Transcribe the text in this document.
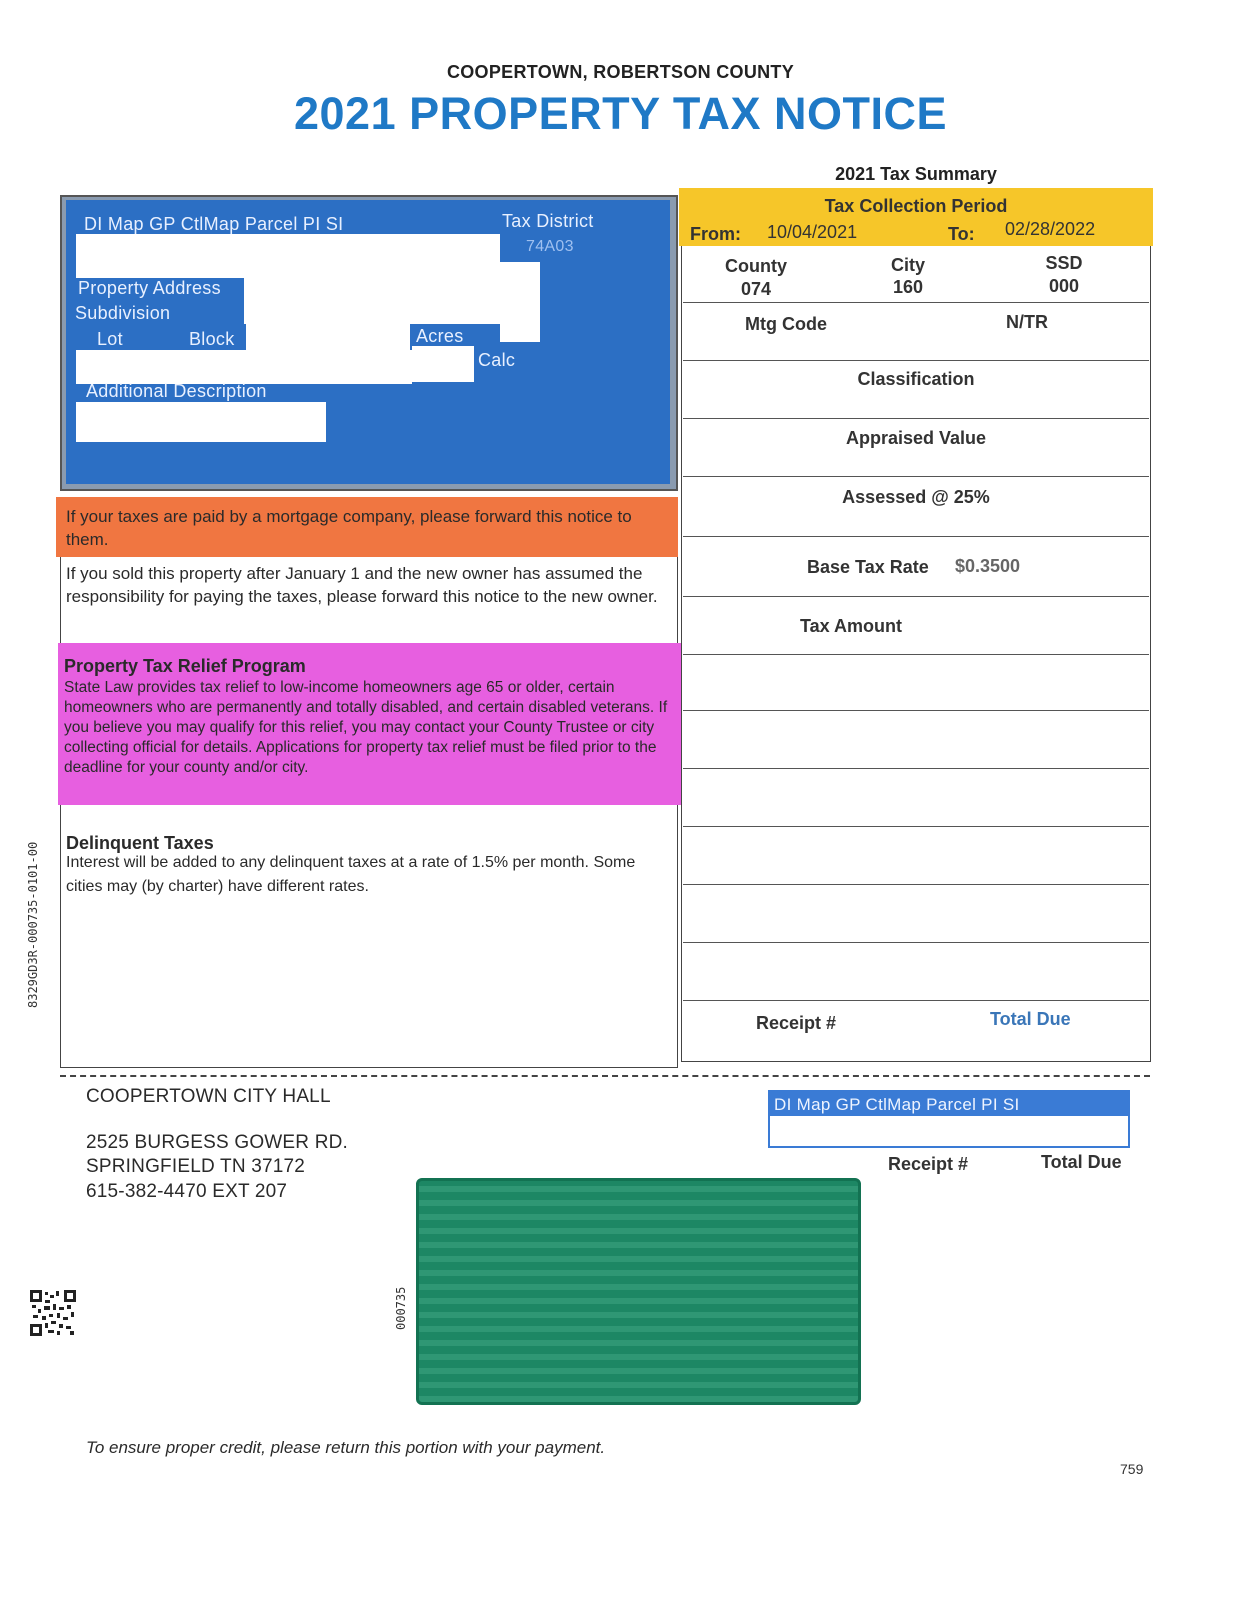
COOPERTOWN, ROBERTSON COUNTY
2021 PROPERTY TAX NOTICE
DI Map GP CtlMap Parcel PI SI	Tax District
74A03
Property Address
Subdivision
Lot	Block	Acres
Calc
Additional Description
If your taxes are paid by a mortgage company, please forward this notice to them.
If you sold this property after January 1 and the new owner has assumed the responsibility for paying the taxes, please forward this notice to the new owner.
Property Tax Relief Program
State Law provides tax relief to low-income homeowners age 65 or older, certain homeowners who are permanently and totally disabled, and certain disabled veterans. If you believe you may qualify for this relief, you may contact your County Trustee or city collecting official for details. Applications for property tax relief must be filed prior to the deadline for your county and/or city.
Delinquent Taxes
Interest will be added to any delinquent taxes at a rate of 1.5% per month. Some cities may (by charter) have different rates.
2021 Tax Summary
Tax Collection Period
From: 10/04/2021	To: 02/28/2022
County
074
City
160
SSD
000
Mtg Code	N/TR
Classification
Appraised Value
Assessed @ 25%
Base Tax Rate $0.3500
Tax Amount
Receipt #	Total Due
COOPERTOWN CITY HALL
2525 BURGESS GOWER RD.
SPRINGFIELD TN 37172
615-382-4470 EXT 207
DI Map GP CtlMap Parcel PI SI
Receipt #	Total Due
8329GD3R-000735-0101-00
000735
To ensure proper credit, please return this portion with your payment.
759
